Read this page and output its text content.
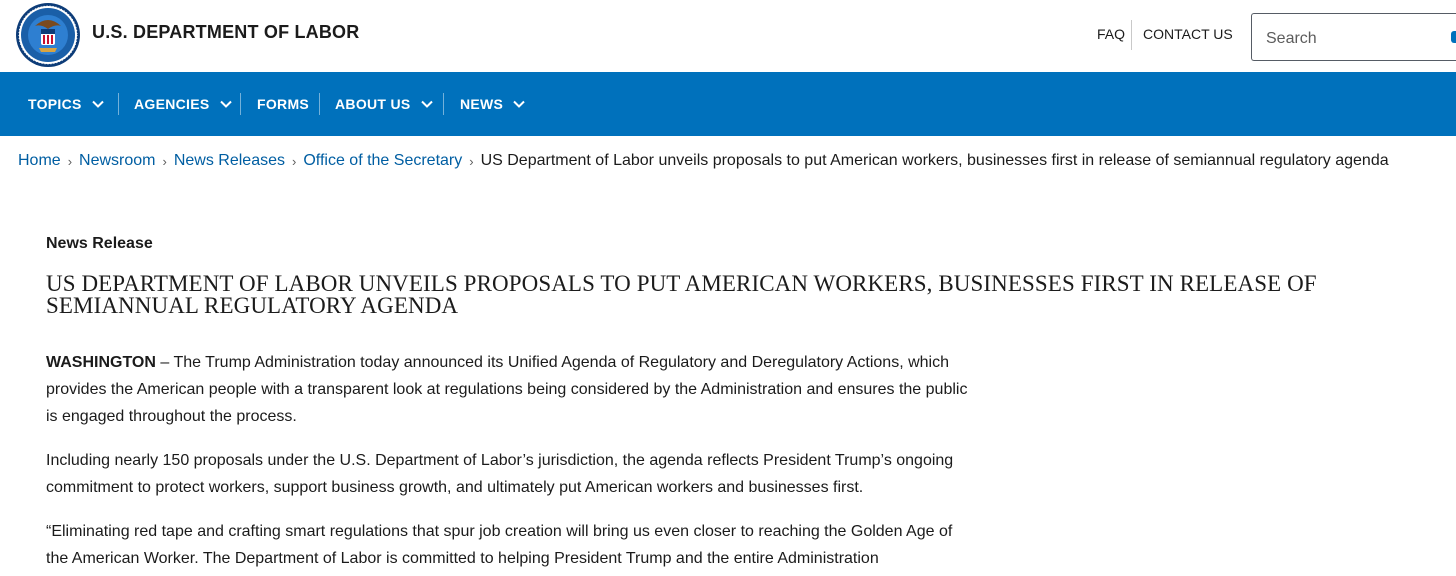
U.S. DEPARTMENT OF LABOR	FAQ CONTACT US
Search
TOPICS	AGENCIES	FORMS ABOUT US	NEWS
Home › Newsroom › News Releases › Office of the Secretary › US Department of Labor unveils proposals to put American workers, businesses first in release of semiannual regulatory agenda
News Release
US DEPARTMENT OF LABOR UNVEILS PROPOSALS TO PUT AMERICAN WORKERS, BUSINESSES FIRST IN RELEASE OF SEMIANNUAL REGULATORY AGENDA

WASHINGTON – The Trump Administration today announced its Unified Agenda of Regulatory and Deregulatory Actions, which provides the American people with a transparent look at regulations being considered by the Administration and ensures the public is engaged throughout the process.

Including nearly 150 proposals under the U.S. Department of Labor’s jurisdiction, the agenda reflects President Trump’s ongoing commitment to protect workers, support business growth, and ultimately put American workers and businesses first.

“Eliminating red tape and crafting smart regulations that spur job creation will bring us even closer to reaching the Golden Age of the American Worker. The Department of Labor is committed to helping President Trump and the entire Administration
